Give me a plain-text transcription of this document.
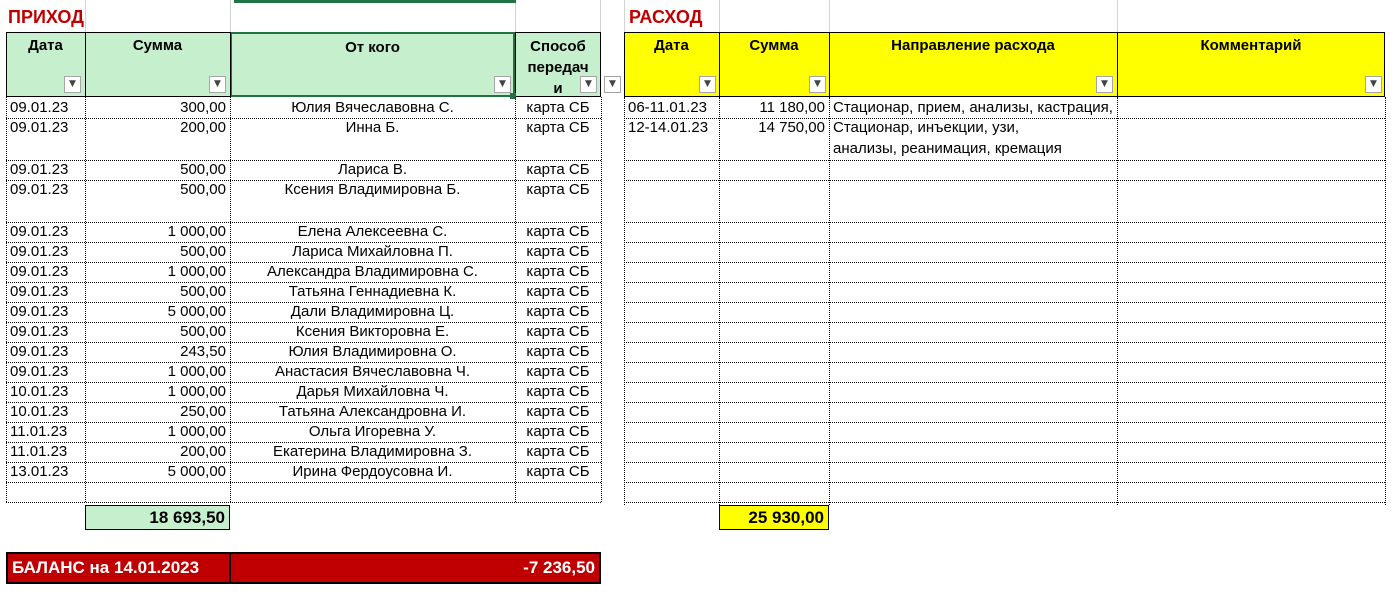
ПРИХОД	РАСХОД
Дата	Сумма	От кого	Способ
передач
и
▼	▼	▼	▼	▼
Дата	Сумма	Направление расхода	Комментарий
▼	▼	▼	▼
09.01.23	300,00	Юлия Вячеславовна С.	карта СБ
09.01.23	200,00	Инна Б.	карта СБ
09.01.23	500,00	Лариса В.	карта СБ
09.01.23	500,00	Ксения Владимировна Б.	карта СБ
09.01.23	1 000,00	Елена Алексеевна С.	карта СБ
09.01.23	500,00	Лариса Михайловна П.	карта СБ
09.01.23	1 000,00	Александра Владимировна С.	карта СБ
09.01.23	500,00	Татьяна Геннадиевна К.	карта СБ
09.01.23	5 000,00	Дали Владимировна Ц.	карта СБ
09.01.23	500,00	Ксения Викторовна Е.	карта СБ
09.01.23	243,50	Юлия Владимировна О.	карта СБ
09.01.23	1 000,00	Анастасия Вячеславовна Ч.	карта СБ
10.01.23	1 000,00	Дарья Михайловна Ч.	карта СБ
10.01.23	250,00	Татьяна Александровна И.	карта СБ
11.01.23	1 000,00	Ольга Игоревна У.	карта СБ
11.01.23	200,00	Екатерина Владимировна З.	карта СБ
13.01.23	5 000,00	Ирина Фердоусовна И.	карта СБ
06-11.01.23	11 180,00 Стационар, прием, анализы, кастрация,
12-14.01.23	14 750,00 Стационар, инъекции, узи,
анализы, реанимация, кремация
18 693,50	25 930,00
БАЛАНС на 14.01.2023	-7 236,50
